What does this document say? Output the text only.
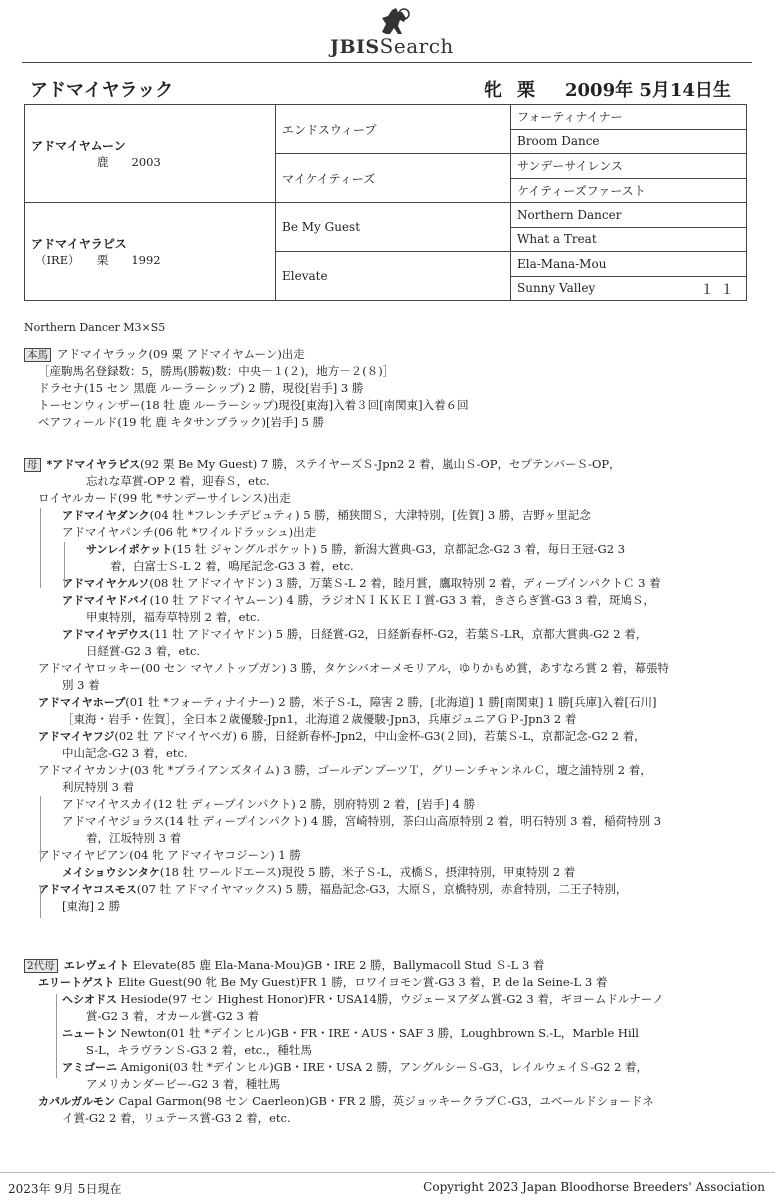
JBISSearch
アドマイヤラック	牝 栗 2009年 5月14日生
アドマイヤムーン
鹿　　 2003	エンドスウィープ	フォーティナイナー
		Broom Dance
	マイケイティーズ	サンデーサイレンス
		ケイティーズファースト

アドマイヤラピス
（IRE）　　 栗　　 1992	Be My Guest	Northern Dancer
		What a Treat
	Elevate	Ela-Mana-Mou
		Sunny Valley １１
Northern Dancer M3×S5
本馬 アドマイヤラック(09 栗 アドマイヤムーン)出走
［産駒馬名登録数：5，勝馬(勝鞍)数：中央－１(２)，地方－２(８)］
ドラセナ(15 セン 黒鹿 ルーラーシップ) 2 勝，現役[岩手] 3 勝
トーセンウィンザー(18 牡 鹿 ルーラーシップ)現役[東海]入着３回[南関東]入着６回
ベアフィールド(19 牝 鹿 キタサンブラック)[岩手] 5 勝
母 *アドマイヤラピス(92 栗 Be My Guest) 7 勝，ステイヤーズＳ-Jpn2 2 着，嵐山Ｓ-OP，セプテンバーＳ-OP，
忘れな草賞-OP 2 着，迎春Ｓ，etc.
ロイヤルカード(99 牝 *サンデーサイレンス)出走
アドマイヤダンク(04 牡 *フレンチデピュティ) 5 勝，桶狭間Ｓ，大津特別，[佐賀] 3 勝，吉野ヶ里記念
アドマイヤパンチ(06 牝 *ワイルドラッシュ)出走
サンレイポケット(15 牡 ジャングルポケット) 5 勝，新潟大賞典-G3，京都記念-G2 3 着，毎日王冠-G2 3
着，白富士Ｓ-L 2 着，鳴尾記念-G3 3 着，etc.
アドマイヤケルソ(08 牡 アドマイヤドン) 3 勝，万葉Ｓ-L 2 着，睦月賞，鷹取特別 2 着，ディープインパクトＣ 3 着
アドマイヤドバイ(10 牡 アドマイヤムーン) 4 勝，ラジオＮＩＫＫＥＩ賞-G3 3 着，きさらぎ賞-G3 3 着，斑鳩Ｓ，
甲東特別，福寿草特別 2 着，etc.
アドマイヤデウス(11 牡 アドマイヤドン) 5 勝，日経賞-G2，日経新春杯-G2，若葉Ｓ-LR，京都大賞典-G2 2 着，
日経賞-G2 3 着，etc.
アドマイヤロッキー(00 セン マヤノトップガン) 3 勝，タケシバオーメモリアル，ゆりかもめ賞，あすなろ賞 2 着，幕張特
別 3 着
アドマイヤホープ(01 牡 *フォーティナイナー) 2 勝，米子Ｓ-L，障害 2 勝，[北海道] 1 勝[南関東] 1 勝[兵庫]入着[石川]
［東海・岩手・佐賀］，全日本２歳優駿-Jpn1，北海道２歳優駿-Jpn3，兵庫ジュニアＧＰ-Jpn3 2 着
アドマイヤフジ(02 牡 アドマイヤベガ) 6 勝，日経新春杯-Jpn2，中山金杯-G3(２回)，若葉Ｓ-L，京都記念-G2 2 着，
中山記念-G2 3 着，etc.
アドマイヤカンナ(03 牝 *ブライアンズタイム) 3 勝，ゴールデンブーツＴ，グリーンチャンネルＣ，壇之浦特別 2 着，
利尻特別 3 着
アドマイヤスカイ(12 牡 ディープインパクト) 2 勝，別府特別 2 着，[岩手] 4 勝
アドマイヤジョラス(14 牡 ディープインパクト) 4 勝，宮崎特別，茶臼山高原特別 2 着，明石特別 3 着，稲荷特別 3
着，江坂特別 3 着
アドマイヤピアン(04 牝 アドマイヤコジーン) 1 勝
メイショウシンタケ(18 牡 ワールドエース)現役 5 勝，米子Ｓ-L，戎橋Ｓ，摂津特別，甲東特別 2 着
アドマイヤコスモス(07 牡 アドマイヤマックス) 5 勝，福島記念-G3，大原Ｓ，京橋特別，赤倉特別，二王子特別，
[東海] 2 勝
2代母 エレヴェイト Elevate(85 鹿 Ela-Mana-Mou)GB・IRE 2 勝，Ballymacoll Stud Ｓ-L 3 着
エリートゲスト Elite Guest(90 牝 Be My Guest)FR 1 勝，ロワイヨモン賞-G3 3 着，P. de la Seine-L 3 着
ヘシオドス Hesiode(97 セン Highest Honor)FR・USA14勝，ウジェーヌアダム賞-G2 3 着，ギヨームドルナーノ
賞-G2 3 着，オカール賞-G2 3 着
ニュートン Newton(01 牡 *デインヒル)GB・FR・IRE・AUS・SAF 3 勝，Loughbrown S.-L，Marble Hill
S-L，キラヴランＳ-G3 2 着，etc.，種牡馬
アミゴーニ Amigoni(03 牡 *デインヒル)GB・IRE・USA 2 勝，アングルシーＳ-G3，レイルウェイＳ-G2 2 着，
アメリカンダービー-G2 3 着，種牡馬
カパルガルモン Capal Garmon(98 セン Caerleon)GB・FR 2 勝，英ジョッキークラブＣ-G3，ユベールドショードネ
イ賞-G2 2 着，リュテース賞-G3 2 着，etc.
2023年 9月 5日現在	Copyright 2023 Japan Bloodhorse Breeders' Association
